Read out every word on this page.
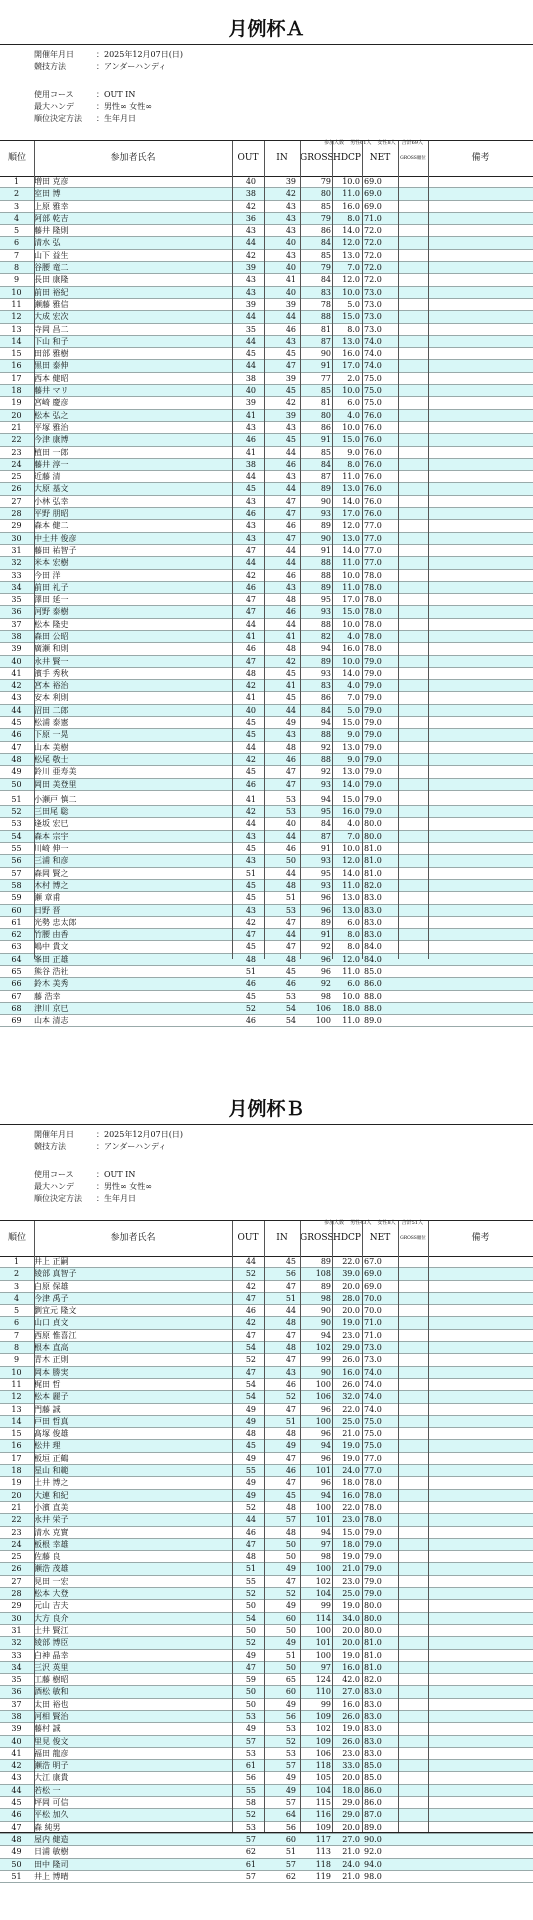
月例杯Ａ
開催年月日	：2025年12月07日(日)
競技方法	：アンダーハンディ
使用コース	：OUT IN
最大ハンデ	：男性∞ 女性∞
順位決定方法 ：生年月日
参加人数 男性61人 女性8人 合計69人
順位	参加者氏名	OUT	IN	GROSS HDCP NET	GROSS順位	備考
1	増田 克彦	40	39	79	10.0 69.0
2	室田 博	38	42	80	11.0 69.0
3	上原 雅幸	42	43	85	16.0 69.0
4	阿部 乾吉	36	43	79	8.0 71.0
5	藤井 隆則	43	43	86	14.0 72.0
6	清水 弘	44	40	84	12.0 72.0
7	山下 益生	42	43	85	13.0 72.0
8	谷腰 竜二	39	40	79	7.0 72.0
9	長田 康隆	43	41	84	12.0 72.0
10	前田 裕紀	43	40	83	10.0 73.0
11	瀬藤 雅信	39	39	78	5.0 73.0
12	大成 宏次	44	44	88	15.0 73.0
13	寺岡 昌二	35	46	81	8.0 73.0
14	下山 和子	44	43	87	13.0 74.0
15	田部 雅樹	45	45	90	16.0 74.0
16	黒田 泰伸	44	47	91	17.0 74.0
17	西本 健昭	38	39	77	2.0 75.0
18	藤井 マリ	40	45	85	10.0 75.0
19	宮崎 慶彦	39	42	81	6.0 75.0
20	松本 弘之	41	39	80	4.0 76.0
21	平塚 雅治	43	43	86	10.0 76.0
22	今津 康博	46	45	91	15.0 76.0
23	植田 一郎	41	44	85	9.0 76.0
24	藤井 淳一	38	46	84	8.0 76.0
25	近藤 清	44	43	87	11.0 76.0
26	大原 基文	45	44	89	13.0 76.0
27	小林 弘幸	43	47	90	14.0 76.0
28	平野 朋昭	46	47	93	17.0 76.0
29	森本 健二	43	46	89	12.0 77.0
30	中土井 俊彦	43	47	90	13.0 77.0
31	藤田 祐智子	47	44	91	14.0 77.0
32	米本 宏樹	44	44	88	11.0 77.0
33	今田 洋	42	46	88	10.0 78.0
34	前田 礼子	46	43	89	11.0 78.0
35	澤田 延一	47	48	95	17.0 78.0
36	河野 泰樹	47	46	93	15.0 78.0
37	松本 隆史	44	44	88	10.0 78.0
38	森田 公昭	41	41	82	4.0 78.0
39	廣瀬 和則	46	48	94	16.0 78.0
40	永井 賢一	47	42	89	10.0 79.0
41	濱手 秀秋	48	45	93	14.0 79.0
42	宮本 裕治	42	41	83	4.0 79.0
43	安本 利則	41	45	86	7.0 79.0
44	沼田 二郎	40	44	84	5.0 79.0
45	松浦 泰憲	45	49	94	15.0 79.0
46	下原 一晃	45	43	88	9.0 79.0
47	山本 美樹	44	48	92	13.0 79.0
48	松尾 敬士	42	46	88	9.0 79.0
49	鈴川 亜寿美	45	47	92	13.0 79.0
50	岡田 美登里	46	47	93	14.0 79.0
51	小瀬戸 慎二	41	53	94	15.0 79.0
52	三田尾 聡	42	53	95	16.0 79.0
53	逢坂 宏巳	44	40	84	4.0 80.0
54	森本 宗宇	43	44	87	7.0 80.0
55	川崎 伸一	45	46	91	10.0 81.0
56	三浦 和彦	43	50	93	12.0 81.0
57	森岡 賢之	51	44	95	14.0 81.0
58	木村 博之	45	48	93	11.0 82.0
59	瀬 章甫	45	51	96	13.0 83.0
60	日野 晋	43	53	96	13.0 83.0
61	光勢 忠太郎	42	47	89	6.0 83.0
62	竹腰 由香	47	44	91	8.0 83.0
63	嶋中 貴文	45	47	92	8.0 84.0
64	峯田 正雄	48	48	96	12.0 84.0
65	熊谷 浩社	51	45	96	11.0 85.0
66	鈴木 美秀	46	46	92	6.0 86.0
67	藤 浩幸	45	53	98	10.0 88.0
68	津川 京巳	52	54	106	18.0 88.0
69	山本 清志	46	54	100	11.0 89.0
月例杯Ｂ
開催年月日	：2025年12月07日(日)
競技方法	：アンダーハンディ
使用コース	：OUT IN
最大ハンデ	：男性∞ 女性∞
順位決定方法 ：生年月日
参加人数 男性43人 女性8人 合計51人
順位	参加者氏名	OUT	IN	GROSS HDCP NET	GROSS順位	備考
1	井上 正嗣	44	45	89	22.0 67.0
2	綾部 真智子	52	56	108	39.0 69.0
3	白原 保雄	42	47	89	20.0 69.0
4	今津 禹子	47	51	98	28.0 70.0
5	劉宜元 隆文	46	44	90	20.0 70.0
6	山口 貞文	42	48	90	19.0 71.0
7	西原 惟喜江	47	47	94	23.0 71.0
8	根本 直高	54	48	102	29.0 73.0
9	青木 正則	52	47	99	26.0 73.0
10	岡本 勝実	47	43	90	16.0 74.0
11	梶田 哲	54	46	100	26.0 74.0
12	松本 麗子	54	52	106	32.0 74.0
13	門藤 誠	49	47	96	22.0 74.0
14	戸田 哲真	49	51	100	25.0 75.0
15	髙塚 俊雄	48	48	96	21.0 75.0
16	松井 理	45	49	94	19.0 75.0
17	板垣 正鶴	49	47	96	19.0 77.0
18	星山 和範	55	46	101	24.0 77.0
19	土井 博之	49	47	96	18.0 78.0
20	大連 和紀	49	45	94	16.0 78.0
21	小濱 直美	52	48	100	22.0 78.0
22	永井 栄子	44	57	101	23.0 78.0
23	清水 克實	46	48	94	15.0 79.0
24	板根 幸雄	47	50	97	18.0 79.0
25	佐藤 良	48	50	98	19.0 79.0
26	瀬浩 茂雄	51	49	100	21.0 79.0
27	見田 一宏	55	47	102	23.0 79.0
28	松本 大登	52	52	104	25.0 79.0
29	元山 吉夫	50	49	99	19.0 80.0
30	大方 良介	54	60	114	34.0 80.0
31	土井 賢江	50	50	100	20.0 80.0
32	綾部 博臣	52	49	101	20.0 81.0
33	白神 晶幸	49	51	100	19.0 81.0
34	三沢 英里	47	50	97	16.0 81.0
35	工藤 樹昭	59	65	124	42.0 82.0
36	酒松 敏和	50	60	110	27.0 83.0
37	太田 裕也	50	49	99	16.0 83.0
38	河相 賢治	53	56	109	26.0 83.0
39	藤村 誠	49	53	102	19.0 83.0
40	里見 俊文	57	52	109	26.0 83.0
41	福田 龍彦	53	53	106	23.0 83.0
42	瀬浩 明子	61	57	118	33.0 85.0
43	大江 康貴	56	49	105	20.0 85.0
44	若松 一	55	49	104	18.0 86.0
45	坪岡 可信	58	57	115	29.0 86.0
46	平松 加久	52	64	116	29.0 87.0
47	森 純男	53	56	109	20.0 89.0
48	屋内 健造	57	60	117	27.0 90.0
49	日浦 敏樹	62	51	113	21.0 92.0
50	田中 隆司	61	57	118	24.0 94.0
51	井上 博晴	57	62	119	21.0 98.0
